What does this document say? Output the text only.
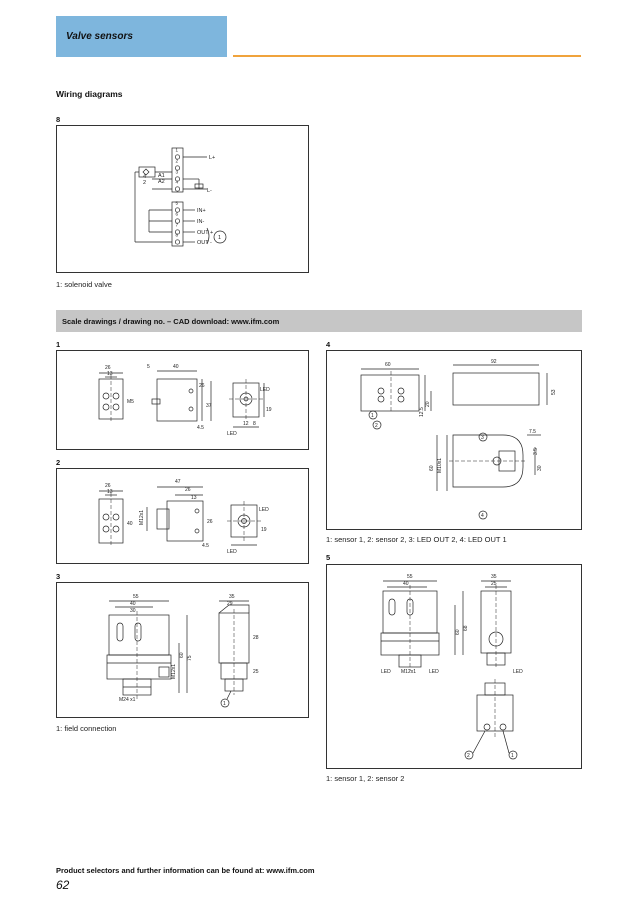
Valve sensors
Wiring diagrams
8
1
2
3
4
5
6
7
8
L+
L-
A1
A2
IN+
IN-
OUT +
OUT -
1
4
2
1: solenoid valve
Scale drawings / drawing no. – CAD download: www.ifm.com
1
26
13
40
5
M5
26
37
4.5
LED
LED
19
12 8
2
26
13
47
26
13
M12x1	LED
LED
4.5
40
19
26
3
55
40
30
35
29
M12x1
M24 x1
60
75
28
25
1
1: field connection
4
60	92
53
20
12.5
7.5
M10x1
60	30
3.5
1
2
3
4
1: sensor 1, 2: sensor 2, 3: LED OUT 2, 4: LED OUT 1
5
55
40
35
25
M12x1
68
60
LED	LED	LED
2	1
1: sensor 1, 2: sensor 2
Product selectors and further information can be found at: www.ifm.com
62
